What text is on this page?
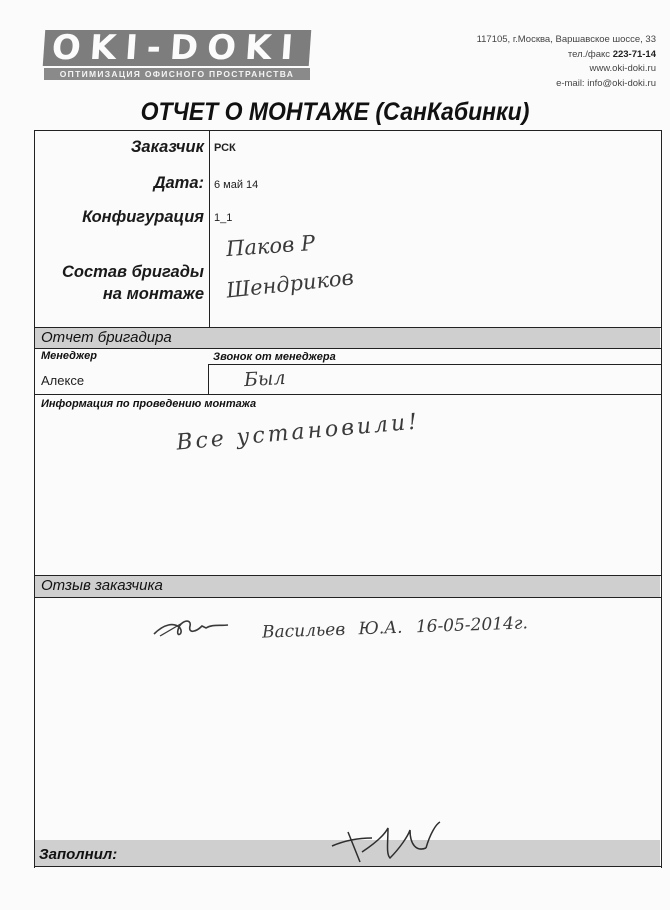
OKI-DOKI
ОПТИМИЗАЦИЯ ОФИСНОГО ПРОСТРАНСТВА
117105, г.Москва, Варшавское шоссе, 33
тел./факс 223-71-14
www.oki-doki.ru
e-mail: info@oki-doki.ru
ОТЧЕТ О МОНТАЖЕ (СанКабинки)
Заказчик РСК
Дата: 6 май 14
Конфигурация 1_1
Состав бригады
на монтаже
Паков Р
Шендриков
Отчет бригадира
Менеджер	Звонок от менеджера
Алексе	Был
Информация по проведению монтажа
Все установили!
Отзыв заказчика
Васильев Ю.А. 16-05-2014г.
Заполнил:
